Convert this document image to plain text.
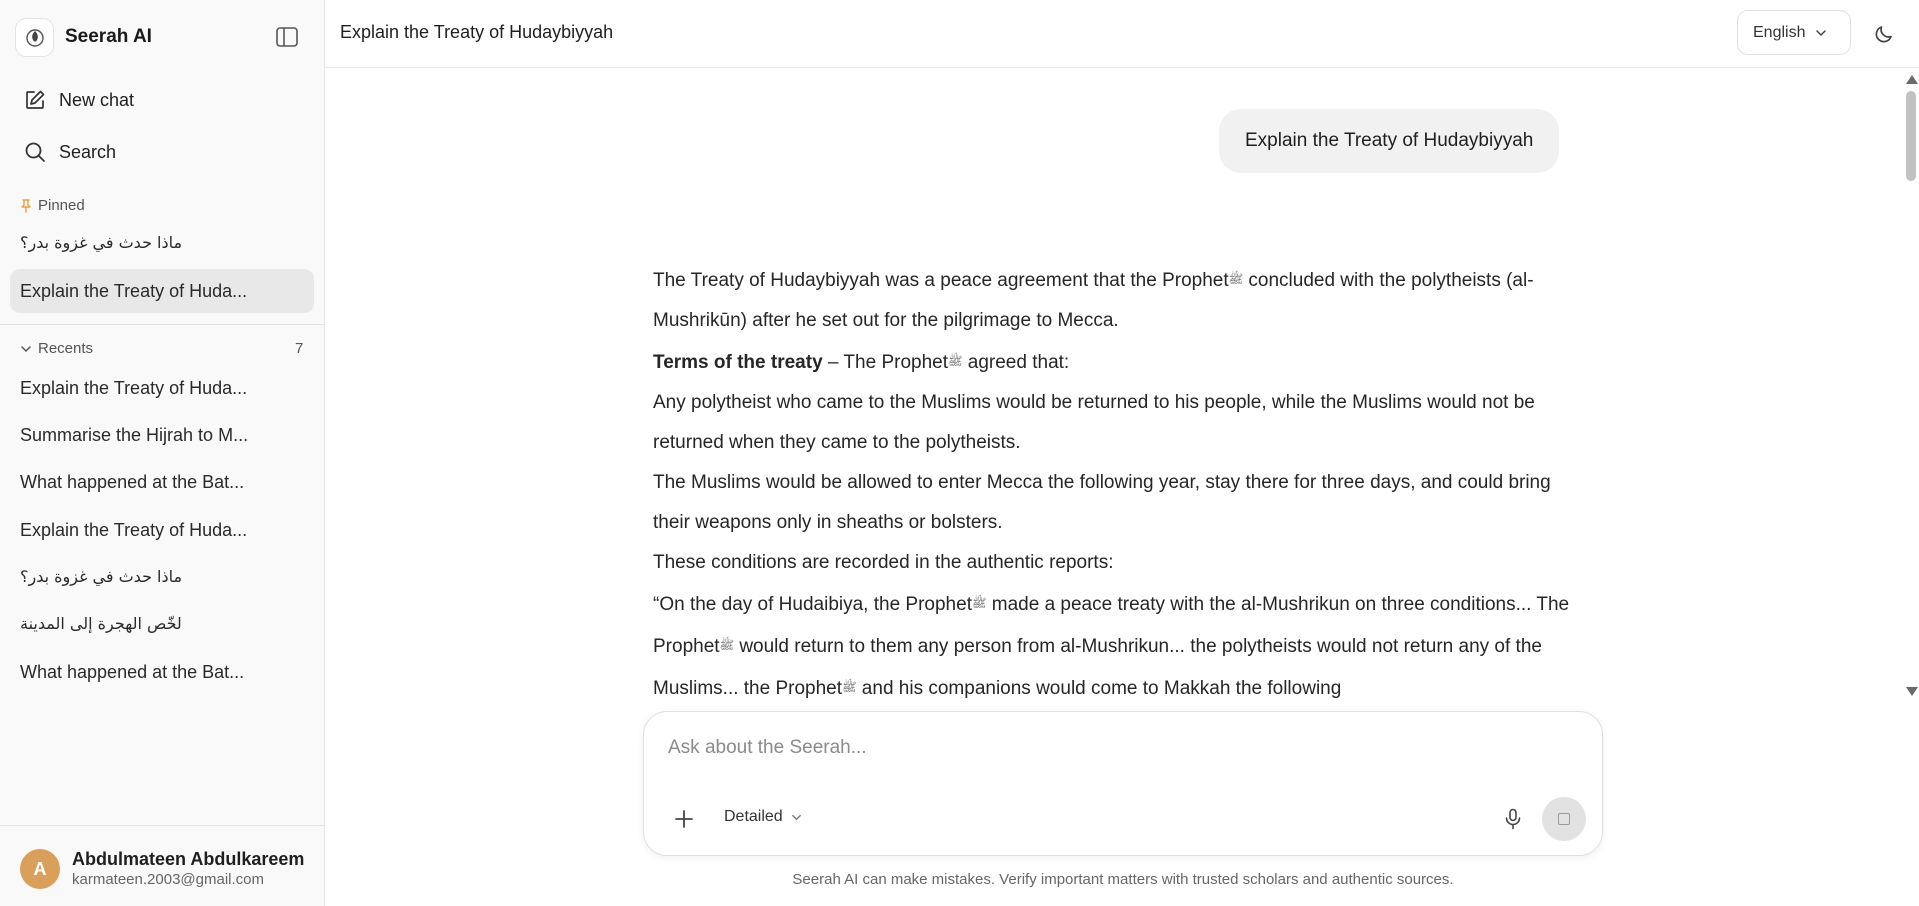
Seerah AI
New chat
Search
Pinned
ماذا حدث في غزوة بدر؟
Explain the Treaty of Huda...
Recents	7
Explain the Treaty of Huda...
Summarise the Hijrah to M...
What happened at the Bat...
Explain the Treaty of Huda...
ماذا حدث في غزوة بدر؟
لخّص الهجرة إلى المدينة
What happened at the Bat...
A	Abdulmateen Abdulkareem
karmateen.2003@gmail.com
Explain the Treaty of Hudaybiyyah	English
Explain the Treaty of Hudaybiyyah

The Treaty of Hudaybiyyah was a peace agreement that the Prophetﷺ concluded with the polytheists (al-Mushrikūn) after he set out for the pilgrimage to Mecca.

Terms of the treaty – The Prophetﷺ agreed that:

Any polytheist who came to the Muslims would be returned to his people, while the Muslims would not be returned when they came to the polytheists.

The Muslims would be allowed to enter Mecca the following year, stay there for three days, and could bring their weapons only in sheaths or bolsters.

These conditions are recorded in the authentic reports:

“On the day of Hudaibiya, the Prophetﷺ made a peace treaty with the al-Mushrikun on three conditions... The Prophetﷺ would return to them any person from al-Mushrikun... the polytheists would not return any of the Muslims... the Prophetﷺ and his companions would come to Makkah the following

Ask about the Seerah...
Detailed
Seerah AI can make mistakes. Verify important matters with trusted scholars and authentic sources.
